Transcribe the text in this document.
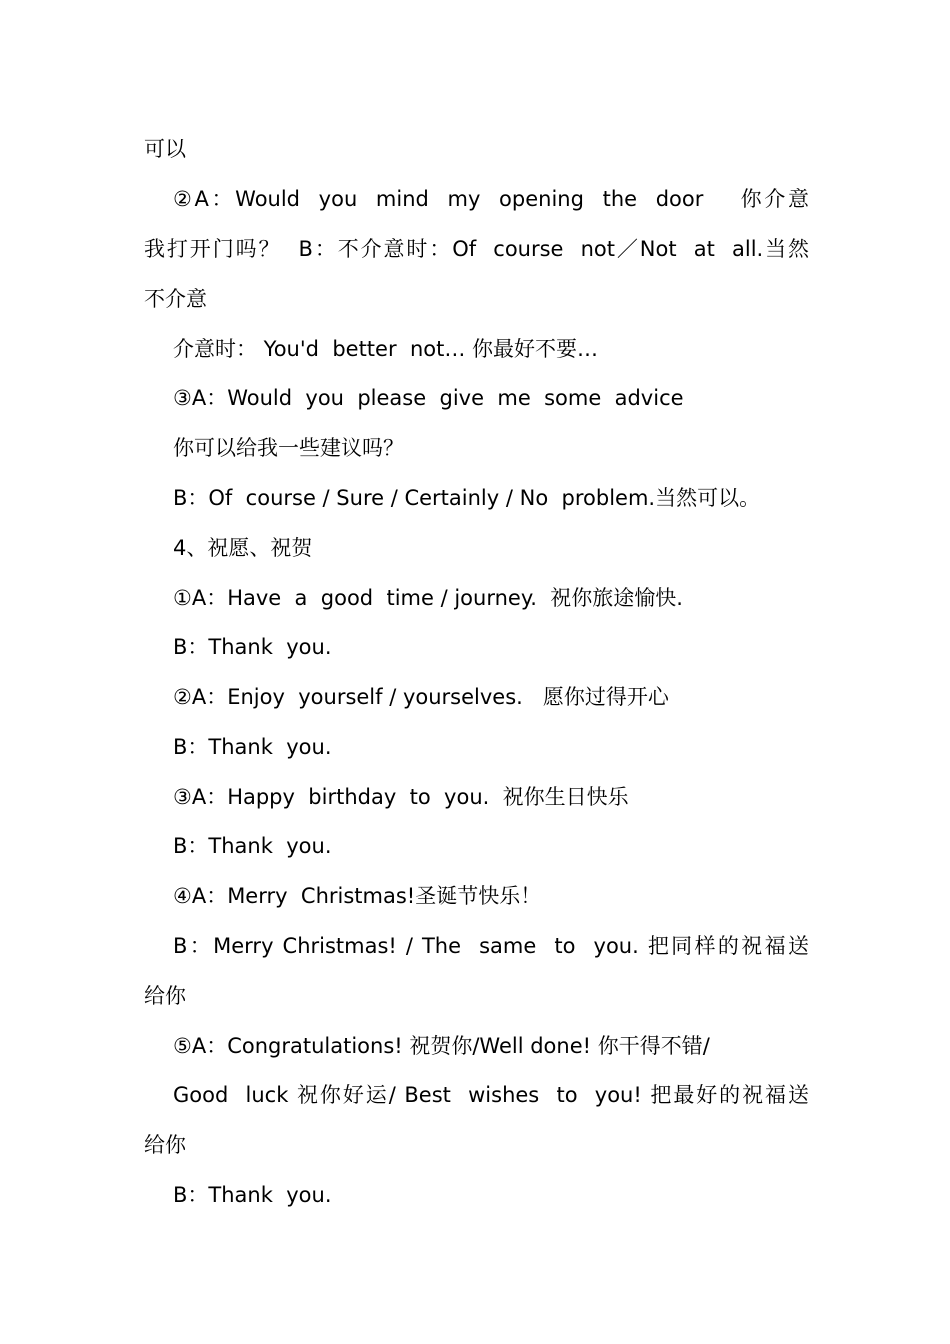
可以

②A：Would  you  mind  my  opening  the  door    你介意

我打开门吗？  B：不介意时：Of  course  not／Not  at  all.当然

不介意

介意时： You'd  better  not… 你最好不要…

③A：Would  you  please  give  me  some  advice

你可以给我一些建议吗？

B：Of  course / Sure / Certainly / No  problem.当然可以。

4、祝愿、祝贺

①A：Have  a  good  time / journey.  祝你旅途愉快.

B：Thank  you.

②A：Enjoy  yourself / yourselves.   愿你过得开心

B：Thank  you.

③A：Happy  birthday  to  you.  祝你生日快乐

B：Thank  you.

④A：Merry  Christmas!圣诞节快乐！

B：Merry Christmas! / The  same  to  you. 把同样的祝福送

给你

⑤A：Congratulations! 祝贺你/Well done! 你干得不错/

Good  luck 祝你好运/ Best  wishes  to  you! 把最好的祝福送

给你

B：Thank  you.
